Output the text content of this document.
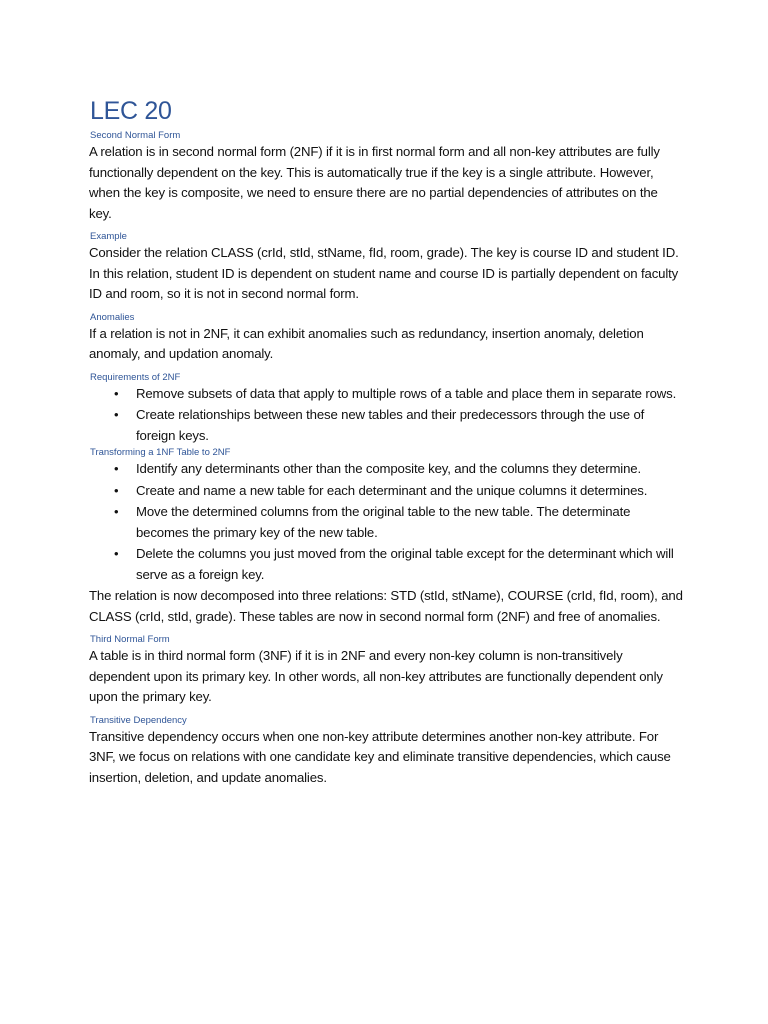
LEC 20

Second Normal Form

A relation is in second normal form (2NF) if it is in first normal form and all non-key attributes are fully functionally dependent on the key. This is automatically true if the key is a single attribute. However, when the key is composite, we need to ensure there are no partial dependencies of attributes on the key.

Example

Consider the relation CLASS (crId, stId, stName, fId, room, grade). The key is course ID and student ID. In this relation, student ID is dependent on student name and course ID is partially dependent on faculty ID and room, so it is not in second normal form.

Anomalies

If a relation is not in 2NF, it can exhibit anomalies such as redundancy, insertion anomaly, deletion anomaly, and updation anomaly.

Requirements of 2NF

• Remove subsets of data that apply to multiple rows of a table and place them in separate rows.
• Create relationships between these new tables and their predecessors through the use of foreign keys.

Transforming a 1NF Table to 2NF

• Identify any determinants other than the composite key, and the columns they determine.
• Create and name a new table for each determinant and the unique columns it determines.
• Move the determined columns from the original table to the new table. The determinate becomes the primary key of the new table.
• Delete the columns you just moved from the original table except for the determinant which will serve as a foreign key.

The relation is now decomposed into three relations: STD (stId, stName), COURSE (crId, fId, room), and CLASS (crId, stId, grade). These tables are now in second normal form (2NF) and free of anomalies.

Third Normal Form

A table is in third normal form (3NF) if it is in 2NF and every non-key column is non-transitively dependent upon its primary key. In other words, all non-key attributes are functionally dependent only upon the primary key.

Transitive Dependency

Transitive dependency occurs when one non-key attribute determines another non-key attribute. For 3NF, we focus on relations with one candidate key and eliminate transitive dependencies, which cause insertion, deletion, and update anomalies.
